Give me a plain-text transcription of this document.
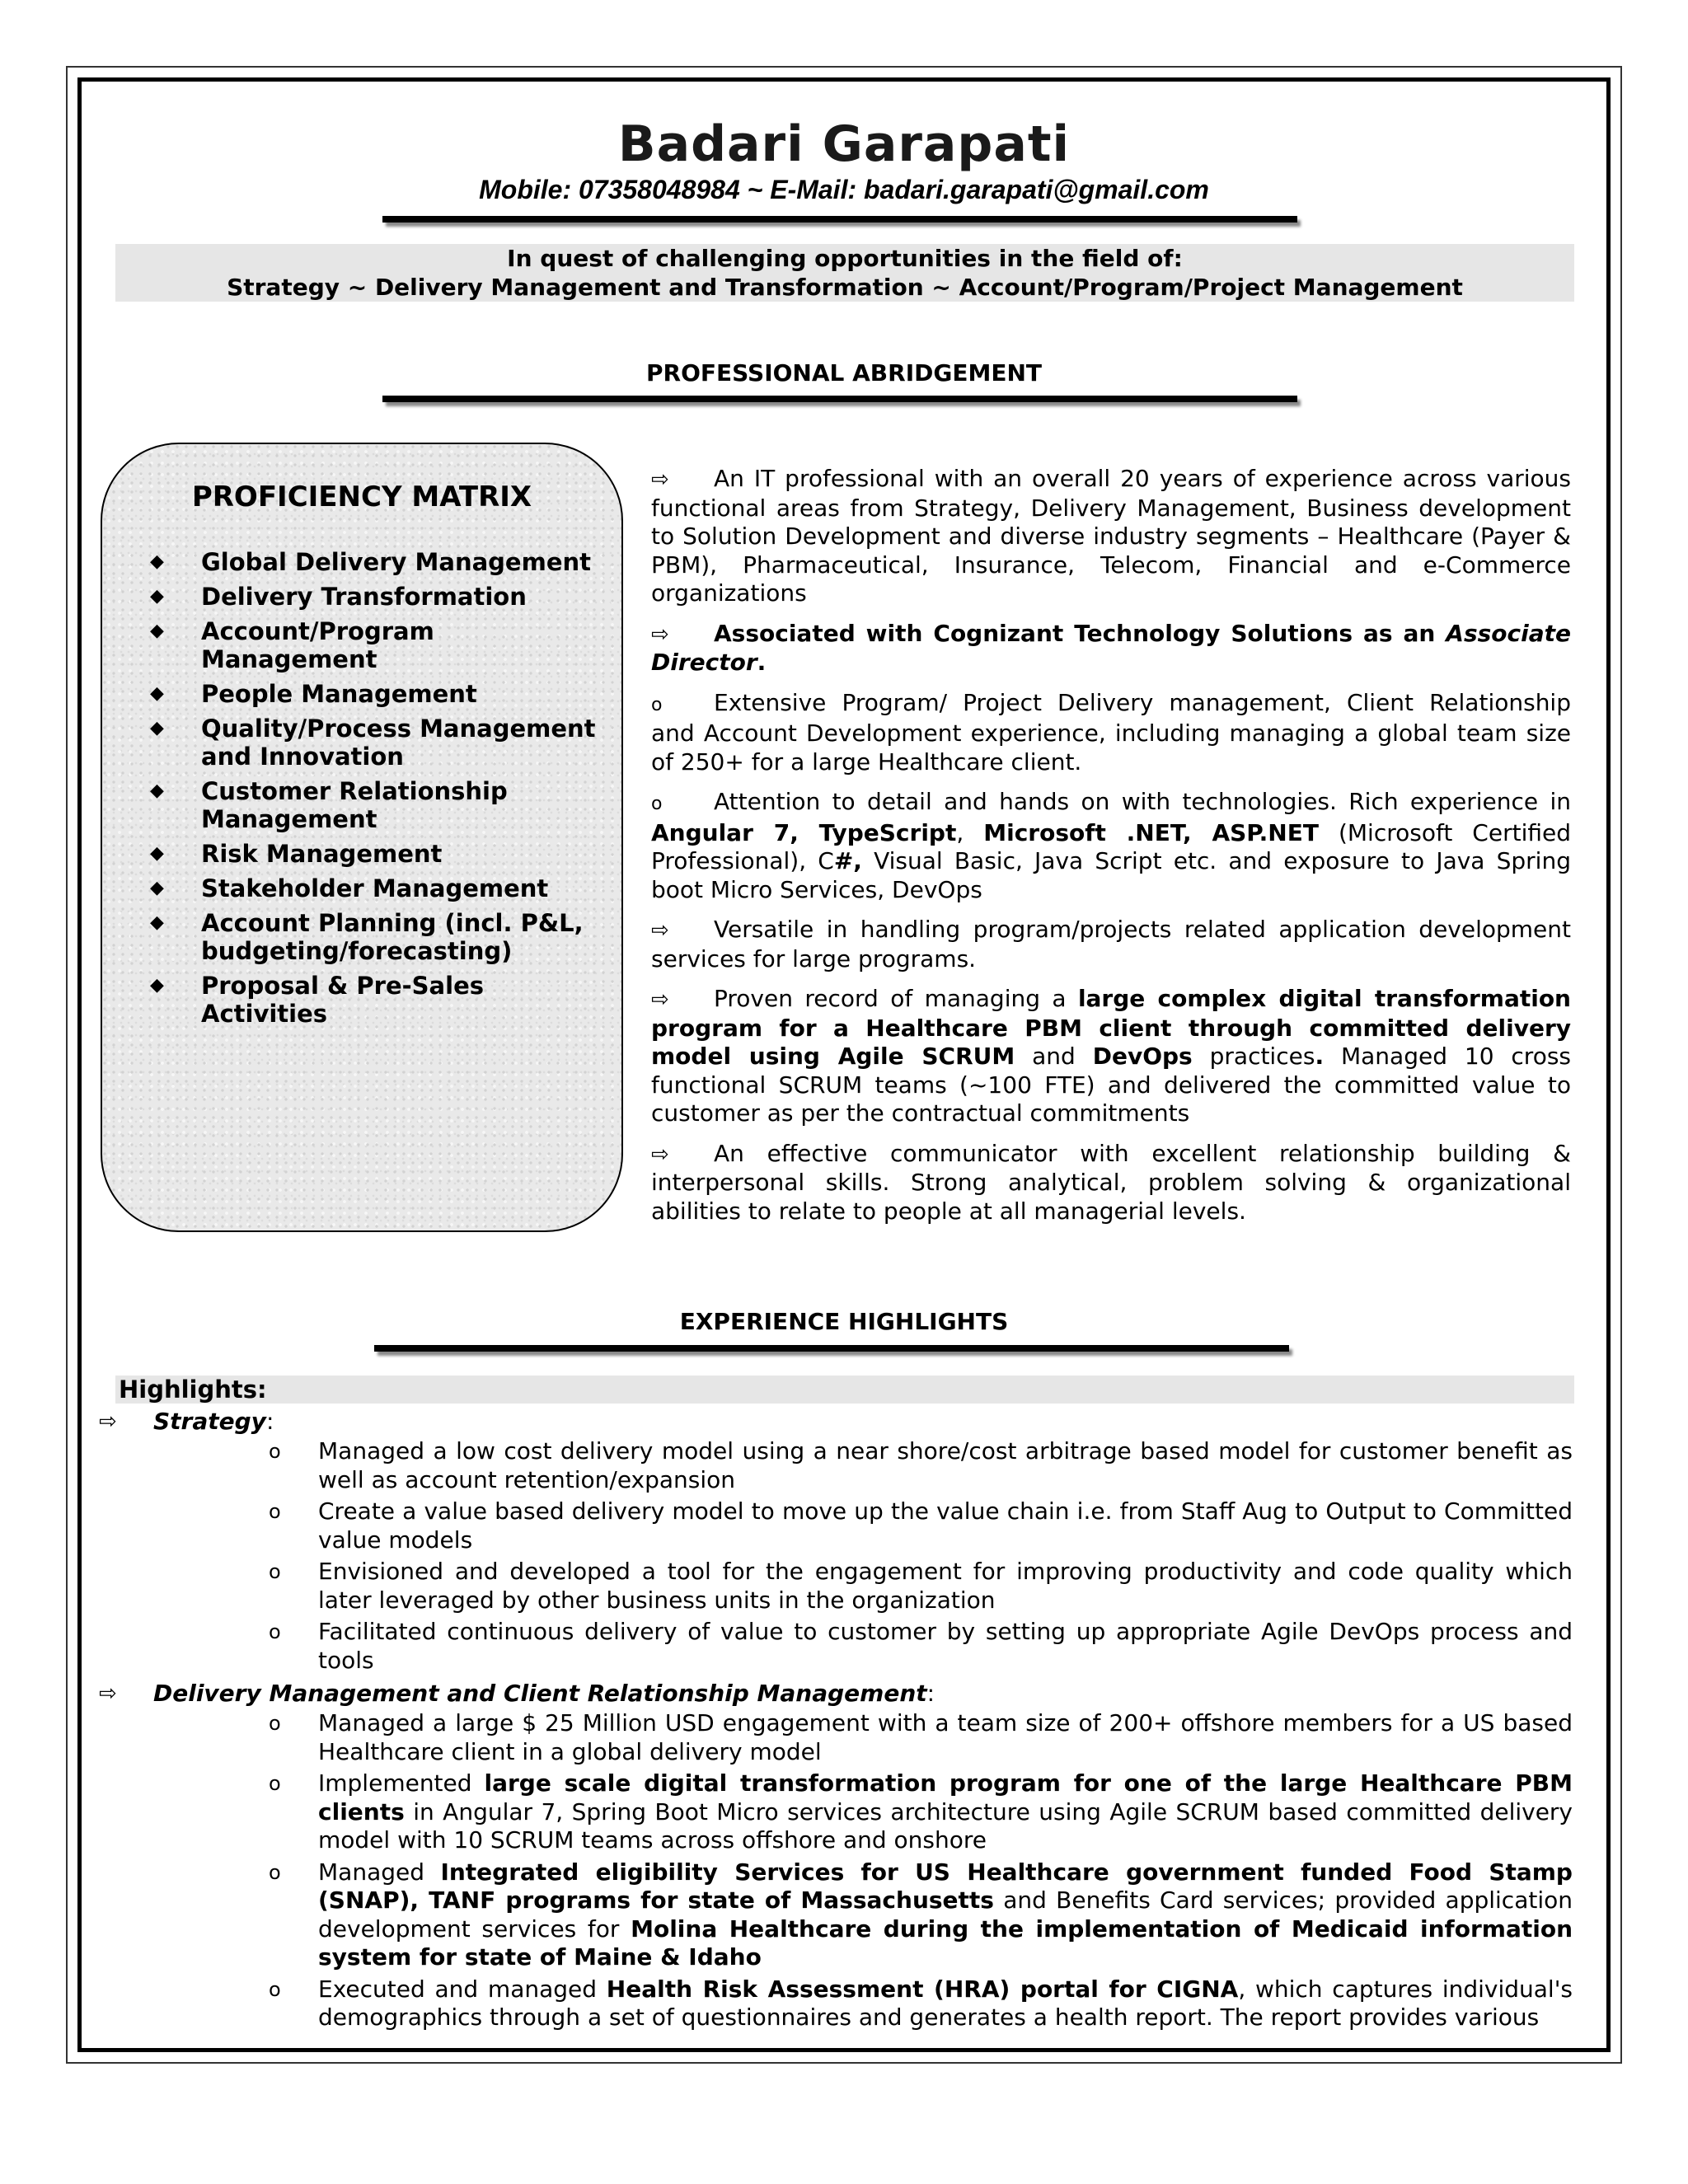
Badari Garapati
Mobile: 07358048984 ~ E-Mail: badari.garapati@gmail.com
In quest of challenging opportunities in the field of:
Strategy ~ Delivery Management and Transformation ~ Account/Program/Project Management
PROFESSIONAL ABRIDGEMENT
PROFICIENCY MATRIX
◆ Global Delivery Management
◆ Delivery Transformation
◆ Account/Program Management
◆ People Management
◆ Quality/Process Management and Innovation
◆ Customer Relationship Management
◆ Risk Management
◆ Stakeholder Management
◆ Account Planning (incl. P&L, budgeting/forecasting)
◆ Proposal & Pre-Sales Activities

⇨ An IT professional with an overall 20 years of experience across various functional areas from Strategy, Delivery Management, Business development to Solution Development and diverse industry segments – Healthcare (Payer & PBM), Pharmaceutical, Insurance, Telecom, Financial and e-Commerce organizations

⇨ Associated with Cognizant Technology Solutions as an Associate Director.

o Extensive Program/ Project Delivery management, Client Relationship and Account Development experience, including managing a global team size of 250+ for a large Healthcare client.

o Attention to detail and hands on with technologies. Rich experience in Angular 7, TypeScript, Microsoft .NET, ASP.NET (Microsoft Certified Professional), C#, Visual Basic, Java Script etc. and exposure to Java Spring boot Micro Services, DevOps

⇨ Versatile in handling program/projects related application development services for large programs.

⇨ Proven record of managing a large complex digital transformation program for a Healthcare PBM client through committed delivery model using Agile SCRUM and DevOps practices. Managed 10 cross functional SCRUM teams (~100 FTE) and delivered the committed value to customer as per the contractual commitments

⇨ An effective communicator with excellent relationship building & interpersonal skills. Strong analytical, problem solving & organizational abilities to relate to people at all managerial levels.

EXPERIENCE HIGHLIGHTS
Highlights:
⇨ Strategy:
o Managed a low cost delivery model using a near shore/cost arbitrage based model for customer benefit as well as account retention/expansion
o Create a value based delivery model to move up the value chain i.e. from Staff Aug to Output to Committed value models
o Envisioned and developed a tool for the engagement for improving productivity and code quality which later leveraged by other business units in the organization
o Facilitated continuous delivery of value to customer by setting up appropriate Agile DevOps process and tools
⇨ Delivery Management and Client Relationship Management:
o Managed a large $ 25 Million USD engagement with a team size of 200+ offshore members for a US based Healthcare client in a global delivery model
o Implemented large scale digital transformation program for one of the large Healthcare PBM clients in Angular 7, Spring Boot Micro services architecture using Agile SCRUM based committed delivery model with 10 SCRUM teams across offshore and onshore
o Managed Integrated eligibility Services for US Healthcare government funded Food Stamp (SNAP), TANF programs for state of Massachusetts and Benefits Card services; provided application development services for Molina Healthcare during the implementation of Medicaid information system for state of Maine & Idaho
o Executed and managed Health Risk Assessment (HRA) portal for CIGNA, which captures individual's demographics through a set of questionnaires and generates a health report. The report provides various
